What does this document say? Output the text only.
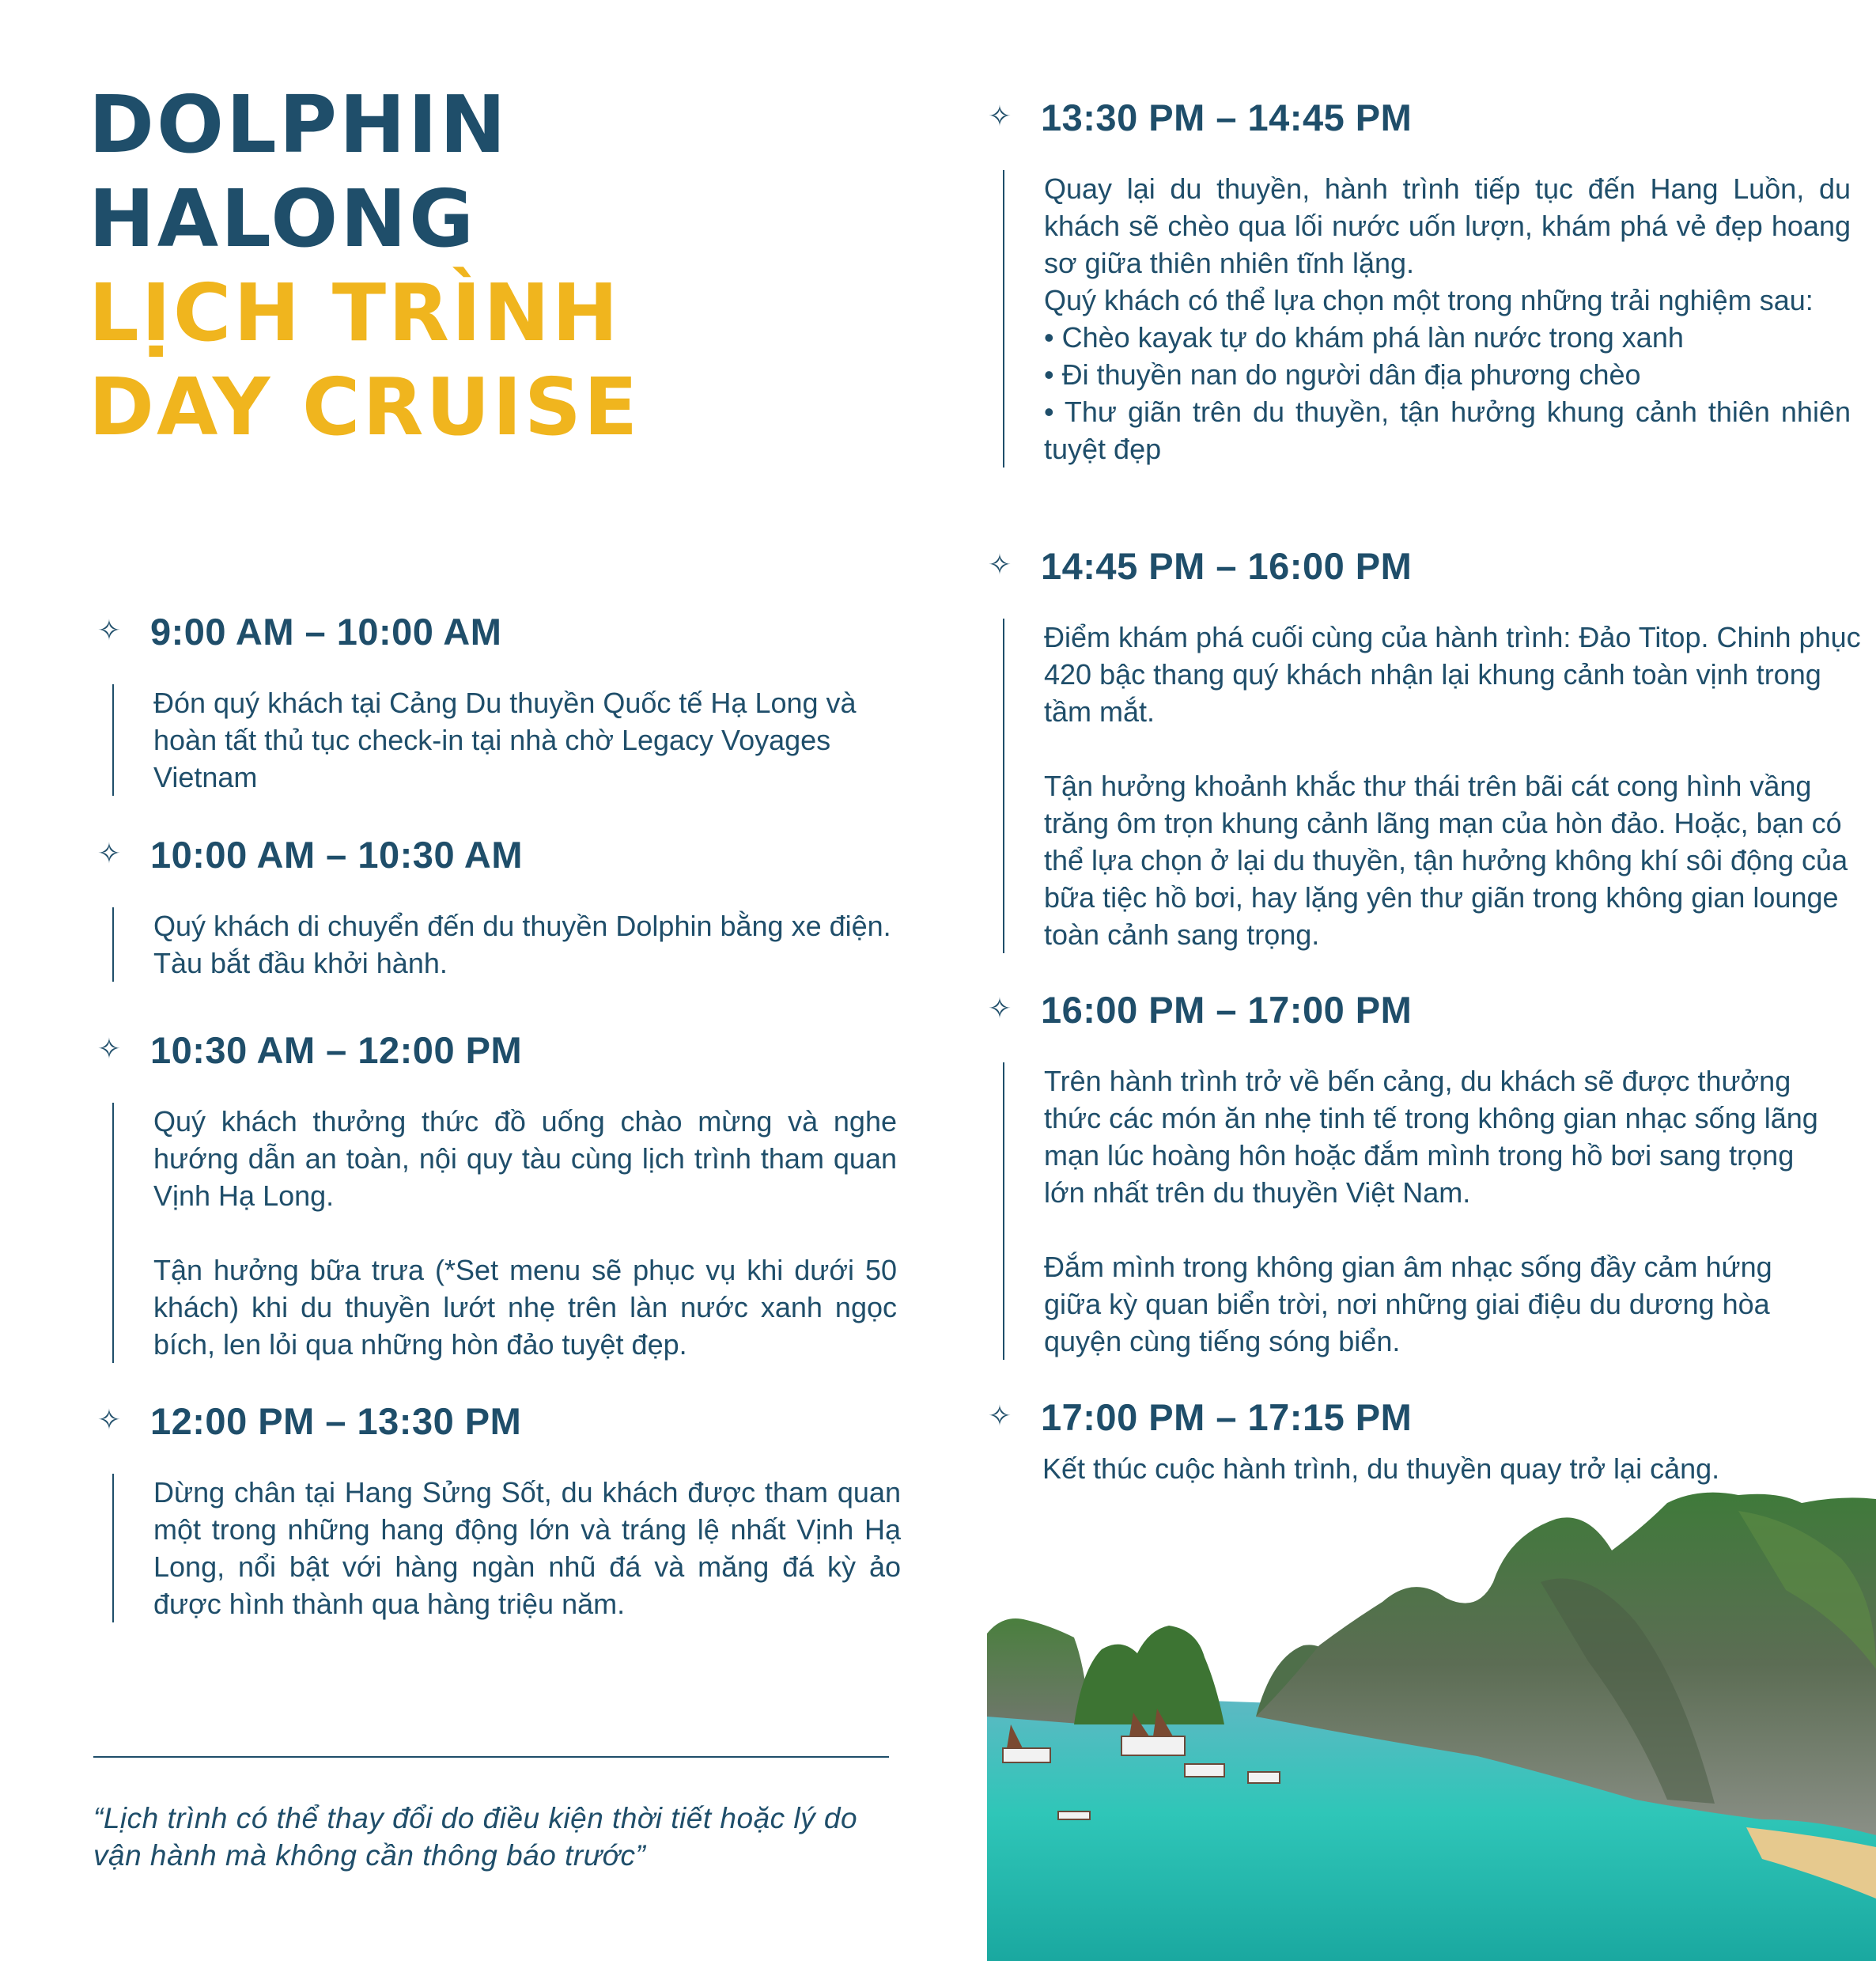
DOLPHIN
HALONG
LỊCH TRÌNH
DAY CRUISE
✧ 9:00 AM – 10:00 AM

Đón quý khách tại Cảng Du thuyền Quốc tế Hạ Long và hoàn tất thủ tục check-in tại nhà chờ Legacy Voyages Vietnam

✧ 10:00 AM – 10:30 AM

Quý khách di chuyển đến du thuyền Dolphin bằng xe điện. Tàu bắt đầu khởi hành.

✧ 10:30 AM – 12:00 PM

Quý khách thưởng thức đồ uống chào mừng và nghe hướng dẫn an toàn, nội quy tàu cùng lịch trình tham quan Vịnh Hạ Long.

Tận hưởng bữa trưa (*Set menu sẽ phục vụ khi dưới 50 khách) khi du thuyền lướt nhẹ trên làn nước xanh ngọc bích, len lỏi qua những hòn đảo tuyệt đẹp.

✧ 12:00 PM – 13:30 PM

Dừng chân tại Hang Sửng Sốt, du khách được tham quan một trong những hang động lớn và tráng lệ nhất Vịnh Hạ Long, nổi bật với hàng ngàn nhũ đá và măng đá kỳ ảo được hình thành qua hàng triệu năm.

✧ 13:30 PM – 14:45 PM

Quay lại du thuyền, hành trình tiếp tục đến Hang Luồn, du khách sẽ chèo qua lối nước uốn lượn, khám phá vẻ đẹp hoang sơ giữa thiên nhiên tĩnh lặng.

Quý khách có thể lựa chọn một trong những trải nghiệm sau:

• Chèo kayak tự do khám phá làn nước trong xanh

• Đi thuyền nan do người dân địa phương chèo

• Thư giãn trên du thuyền, tận hưởng khung cảnh thiên nhiên tuyệt đẹp

✧ 14:45 PM – 16:00 PM

Điểm khám phá cuối cùng của hành trình: Đảo Titop. Chinh phục 420 bậc thang quý khách nhận lại khung cảnh toàn vịnh trong tầm mắt.

Tận hưởng khoảnh khắc thư thái trên bãi cát cong hình vầng trăng ôm trọn khung cảnh lãng mạn của hòn đảo. Hoặc, bạn có thể lựa chọn ở lại du thuyền, tận hưởng không khí sôi động của bữa tiệc hồ bơi, hay lặng yên thư giãn trong không gian lounge toàn cảnh sang trọng.

✧ 16:00 PM – 17:00 PM

Trên hành trình trở về bến cảng, du khách sẽ được thưởng thức các món ăn nhẹ tinh tế trong không gian nhạc sống lãng mạn lúc hoàng hôn hoặc đắm mình trong hồ bơi sang trọng lớn nhất trên du thuyền Việt Nam.

Đắm mình trong không gian âm nhạc sống đầy cảm hứng giữa kỳ quan biển trời, nơi những giai điệu du dương hòa quyện cùng tiếng sóng biển.

✧ 17:00 PM – 17:15 PM

Kết thúc cuộc hành trình, du thuyền quay trở lại cảng.

“Lịch trình có thể thay đổi do điều kiện thời tiết hoặc lý do vận hành mà không cần thông báo trước”
